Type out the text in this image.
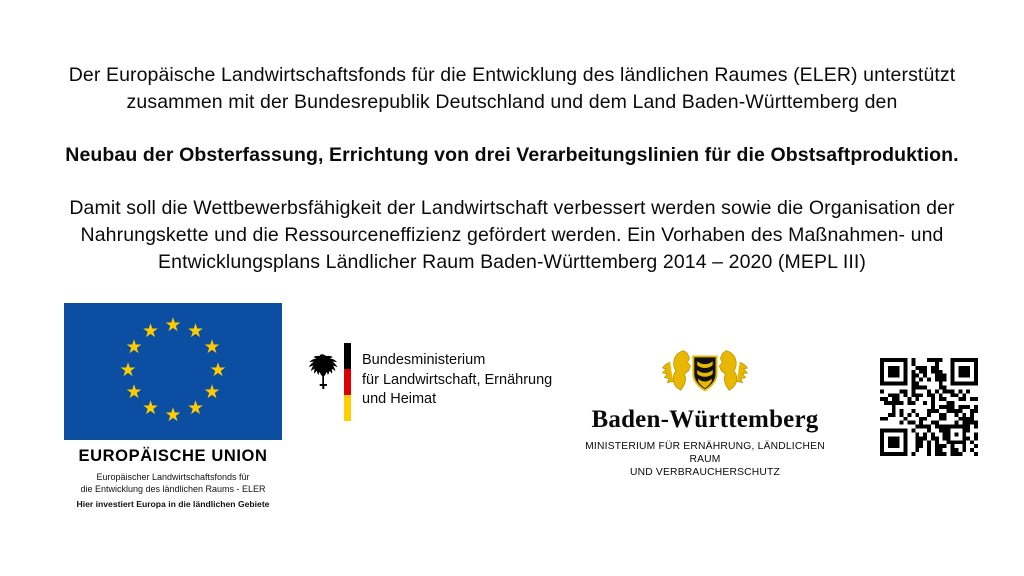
Der Europäische Landwirtschaftsfonds für die Entwicklung des ländlichen Raumes (ELER) unterstützt zusammen mit der Bundesrepublik Deutschland und dem Land Baden-Württemberg den

Neubau der Obsterfassung, Errichtung von drei Verarbeitungslinien für die Obstsaftproduktion.

Damit soll die Wettbewerbsfähigkeit der Landwirtschaft verbessert werden sowie die Organisation der Nahrungskette und die Ressourceneffizienz gefördert werden. Ein Vorhaben des Maßnahmen- und Entwicklungsplans Ländlicher Raum Baden-Württemberg 2014 – 2020 (MEPL III)

★ ★
★
★
★
★
★
★
★
★
★
★
EUROPÄISCHE UNION
Europäischer Landwirtschaftsfonds für
die Entwicklung des ländlichen Raums - ELER
Hier investiert Europa in die ländlichen Gebiete
Bundesministerium
für Landwirtschaft, Ernährung
und Heimat
Baden-Württemberg
MINISTERIUM FÜR ERNÄHRUNG, LÄNDLICHEN RAUM
UND VERBRAUCHERSCHUTZ
